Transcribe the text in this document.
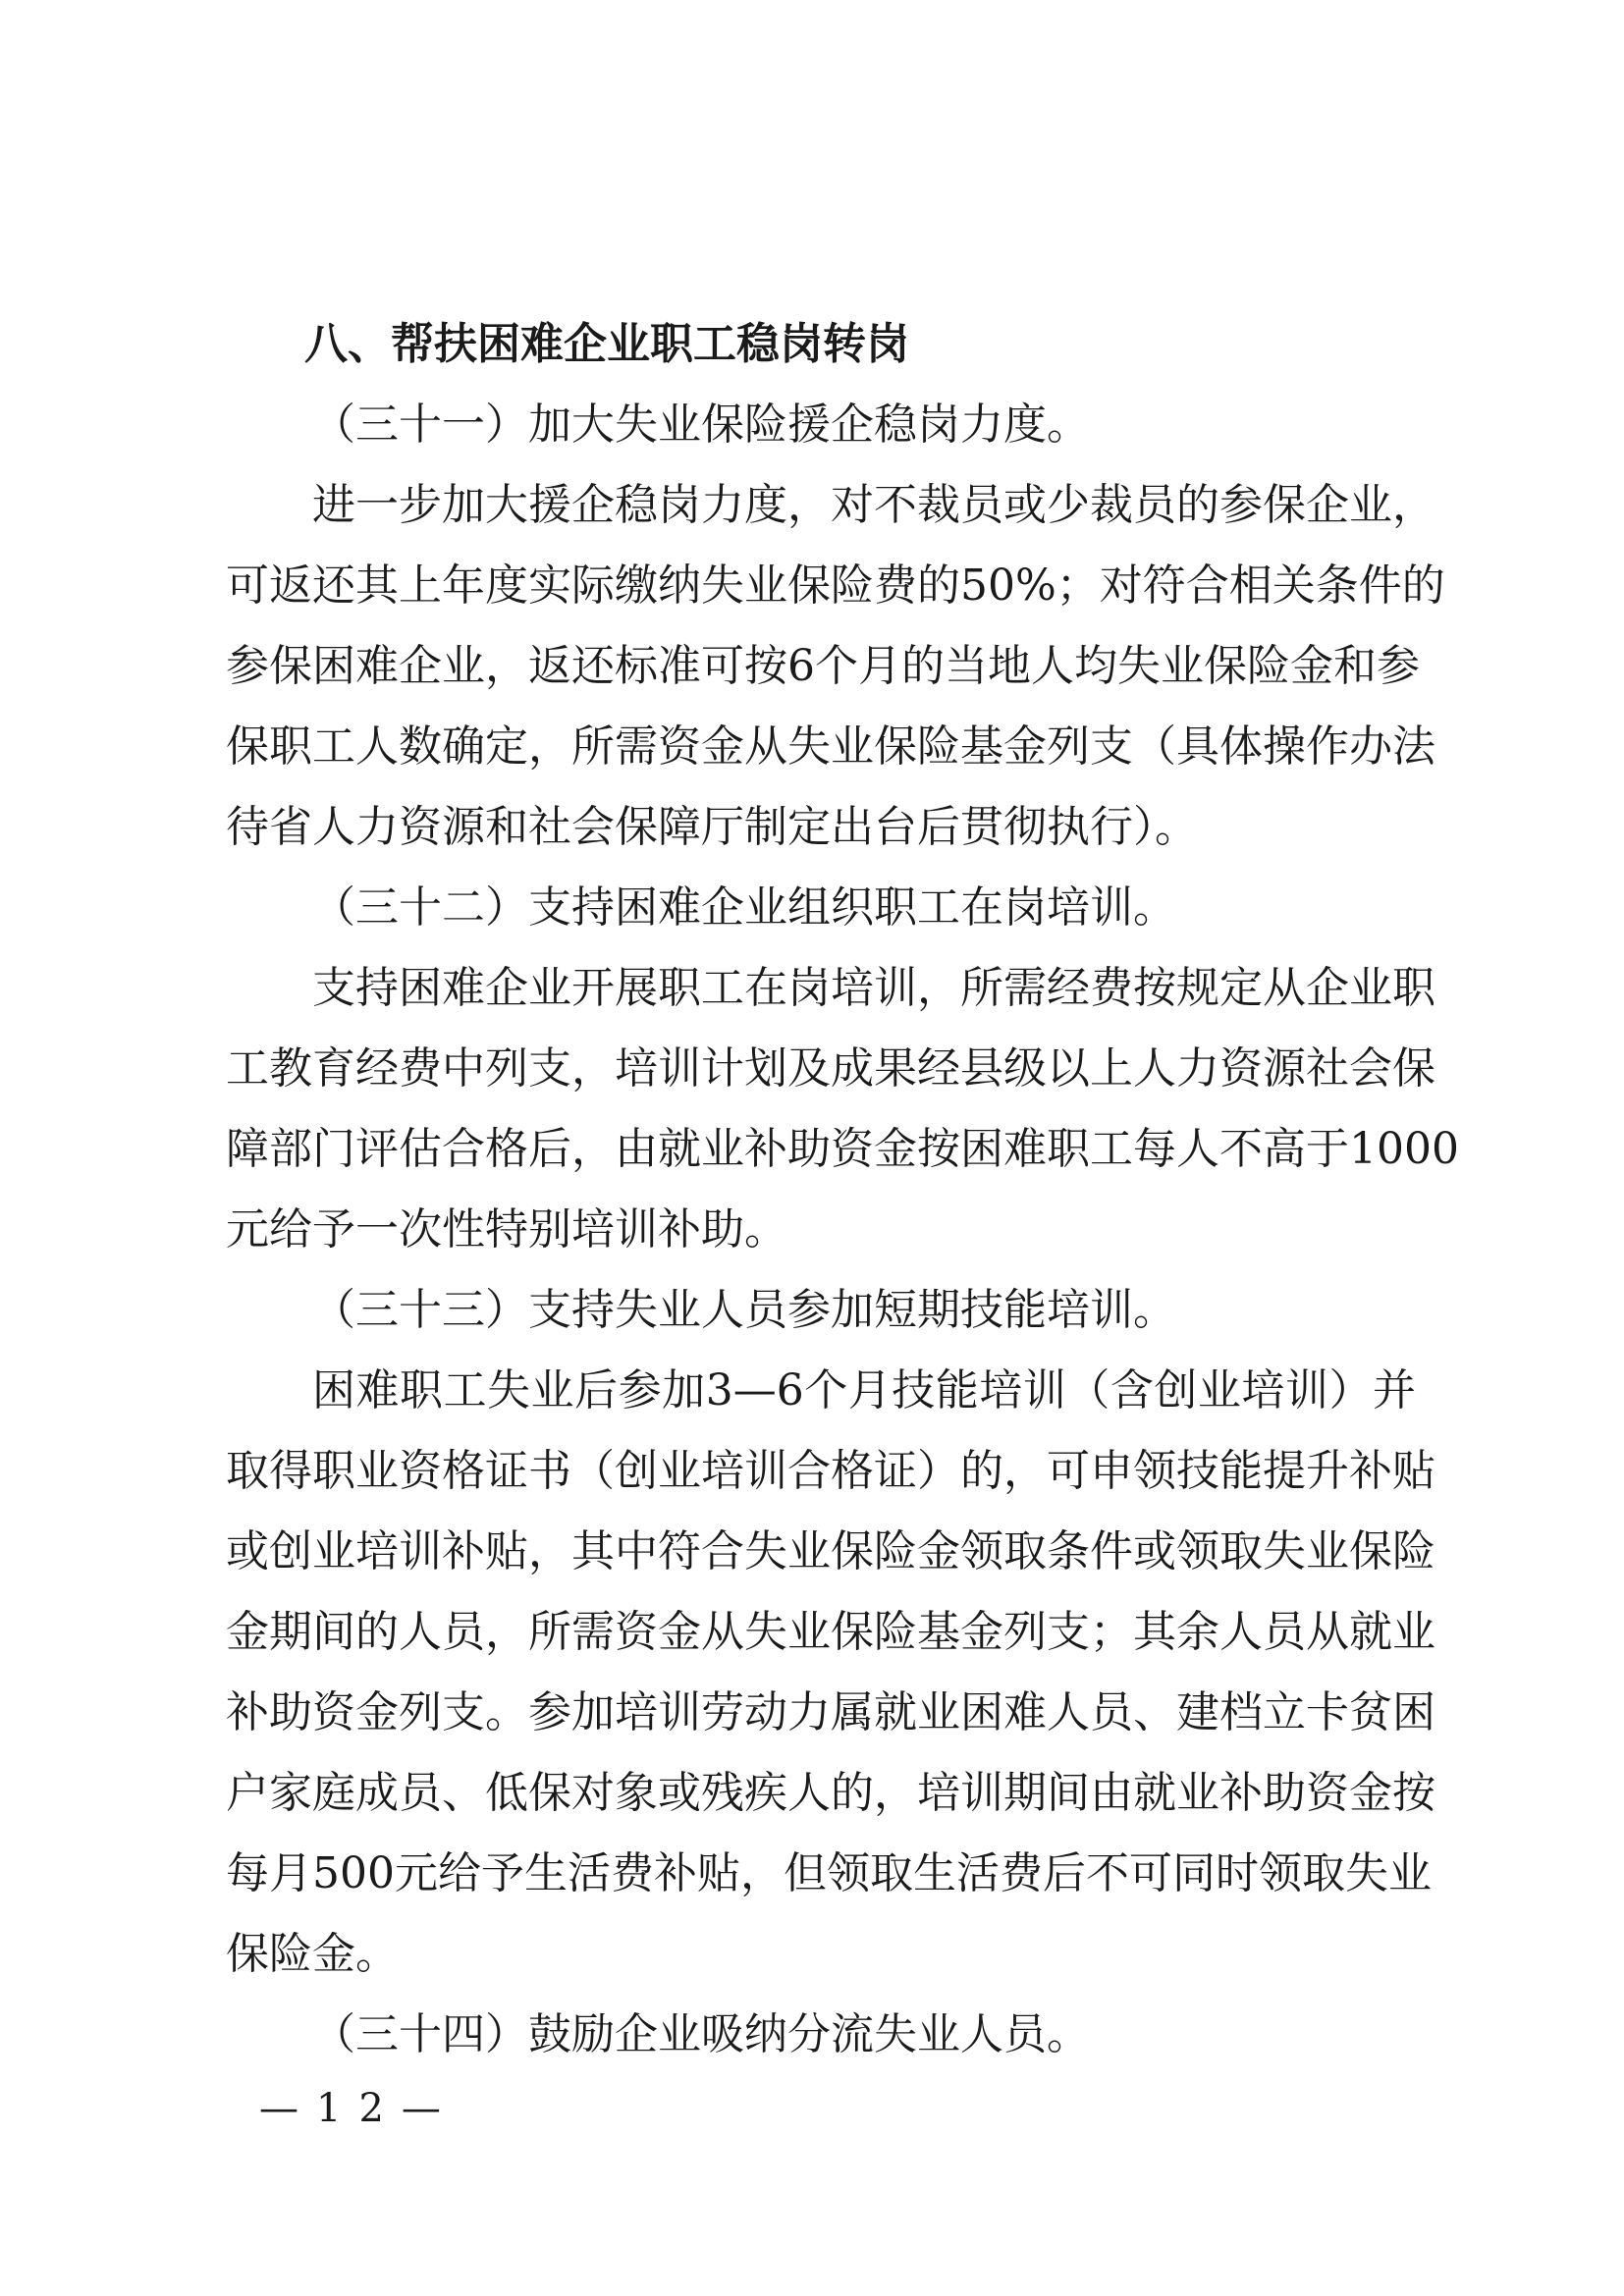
八、帮扶困难企业职工稳岗转岗
（三十一）加大失业保险援企稳岗力度。
进一步加大援企稳岗力度，对不裁员或少裁员的参保企业，
可返还其上年度实际缴纳失业保险费的50%；对符合相关条件的
参保困难企业，返还标准可按6个月的当地人均失业保险金和参
保职工人数确定，所需资金从失业保险基金列支（具体操作办法
待省人力资源和社会保障厅制定出台后贯彻执行）。
（三十二）支持困难企业组织职工在岗培训。
支持困难企业开展职工在岗培训，所需经费按规定从企业职
工教育经费中列支，培训计划及成果经县级以上人力资源社会保
障部门评估合格后，由就业补助资金按困难职工每人不高于1000
元给予一次性特别培训补助。
（三十三）支持失业人员参加短期技能培训。
困难职工失业后参加3—6个月技能培训（含创业培训）并
取得职业资格证书（创业培训合格证）的，可申领技能提升补贴
或创业培训补贴，其中符合失业保险金领取条件或领取失业保险
金期间的人员，所需资金从失业保险基金列支；其余人员从就业
补助资金列支。参加培训劳动力属就业困难人员、建档立卡贫困
户家庭成员、低保对象或残疾人的，培训期间由就业补助资金按
每月500元给予生活费补贴，但领取生活费后不可同时领取失业
保险金。
（三十四）鼓励企业吸纳分流失业人员。
—12—
